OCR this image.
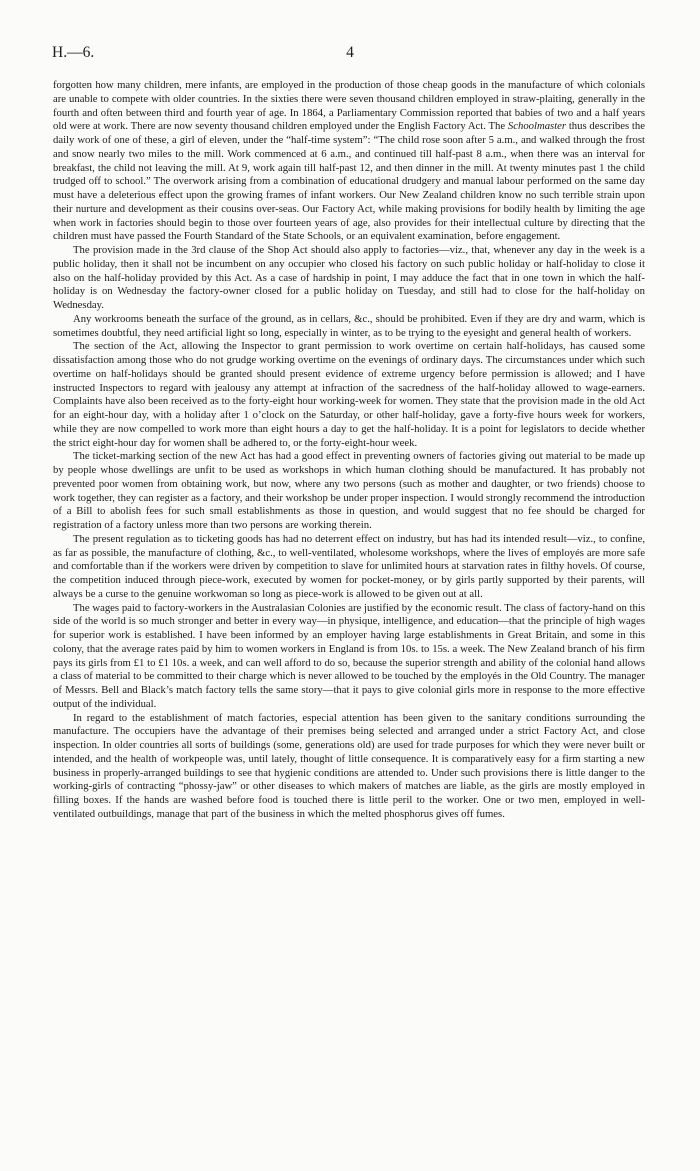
H.—6.	4

forgotten how many children, mere infants, are employed in the production of those cheap goods in the manufacture of which colonials are unable to compete with older countries. In the sixties there were seven thousand children employed in straw-plaiting, generally in the fourth and often between third and fourth year of age. In 1864, a Parliamentary Commission reported that babies of two and a half years old were at work. There are now seventy thousand children employed under the English Factory Act. The Schoolmaster thus describes the daily work of one of these, a girl of eleven, under the “half-time system”: “The child rose soon after 5 a.m., and walked through the frost and snow nearly two miles to the mill. Work commenced at 6 a.m., and continued till half-past 8 a.m., when there was an interval for breakfast, the child not leaving the mill. At 9, work again till half-past 12, and then dinner in the mill. At twenty minutes past 1 the child trudged off to school.” The overwork arising from a combination of educational drudgery and manual labour performed on the same day must have a deleterious effect upon the growing frames of infant workers. Our New Zealand children know no such terrible strain upon their nurture and development as their cousins over-seas. Our Factory Act, while making provisions for bodily health by limiting the age when work in factories should begin to those over fourteen years of age, also provides for their intellectual culture by directing that the children must have passed the Fourth Standard of the State Schools, or an equivalent examination, before engagement.

The provision made in the 3rd clause of the Shop Act should also apply to factories—viz., that, whenever any day in the week is a public holiday, then it shall not be incumbent on any occupier who closed his factory on such public holiday or half-holiday to close it also on the half-holiday provided by this Act. As a case of hardship in point, I may adduce the fact that in one town in which the half-holiday is on Wednesday the factory-owner closed for a public holiday on Tuesday, and still had to close for the half-holiday on Wednesday.

Any workrooms beneath the surface of the ground, as in cellars, &c., should be prohibited. Even if they are dry and warm, which is sometimes doubtful, they need artificial light so long, especially in winter, as to be trying to the eyesight and general health of workers.

The section of the Act, allowing the Inspector to grant permission to work overtime on certain half-holidays, has caused some dissatisfaction among those who do not grudge working overtime on the evenings of ordinary days. The circumstances under which such overtime on half-holidays should be granted should present evidence of extreme urgency before permission is allowed; and I have instructed Inspectors to regard with jealousy any attempt at infraction of the sacredness of the half-holiday allowed to wage-earners. Complaints have also been received as to the forty-eight hour working-week for women. They state that the provision made in the old Act for an eight-hour day, with a holiday after 1 o’clock on the Saturday, or other half-holiday, gave a forty-five hours week for workers, while they are now compelled to work more than eight hours a day to get the half-holiday. It is a point for legislators to decide whether the strict eight-hour day for women shall be adhered to, or the forty-eight-hour week.

The ticket-marking section of the new Act has had a good effect in preventing owners of factories giving out material to be made up by people whose dwellings are unfit to be used as workshops in which human clothing should be manufactured. It has probably not prevented poor women from obtaining work, but now, where any two persons (such as mother and daughter, or two friends) choose to work together, they can register as a factory, and their workshop be under proper inspection. I would strongly recommend the introduction of a Bill to abolish fees for such small establishments as those in question, and would suggest that no fee should be charged for registration of a factory unless more than two persons are working therein.

The present regulation as to ticketing goods has had no deterrent effect on industry, but has had its intended result—viz., to confine, as far as possible, the manufacture of clothing, &c., to well-ventilated, wholesome workshops, where the lives of employés are more safe and comfortable than if the workers were driven by competition to slave for unlimited hours at starvation rates in filthy hovels. Of course, the competition induced through piece-work, executed by women for pocket-money, or by girls partly supported by their parents, will always be a curse to the genuine workwoman so long as piece-work is allowed to be given out at all.

The wages paid to factory-workers in the Australasian Colonies are justified by the economic result. The class of factory-hand on this side of the world is so much stronger and better in every way—in physique, intelligence, and education—that the principle of high wages for superior work is established. I have been informed by an employer having large establishments in Great Britain, and some in this colony, that the average rates paid by him to women workers in England is from 10s. to 15s. a week. The New Zealand branch of his firm pays its girls from £1 to £1 10s. a week, and can well afford to do so, because the superior strength and ability of the colonial hand allows a class of material to be committed to their charge which is never allowed to be touched by the employés in the Old Country. The manager of Messrs. Bell and Black’s match factory tells the same story—that it pays to give colonial girls more in response to the more effective output of the individual.

In regard to the establishment of match factories, especial attention has been given to the sanitary conditions surrounding the manufacture. The occupiers have the advantage of their premises being selected and arranged under a strict Factory Act, and close inspection. In older countries all sorts of buildings (some, generations old) are used for trade purposes for which they were never built or intended, and the health of workpeople was, until lately, thought of little consequence. It is comparatively easy for a firm starting a new business in properly-arranged buildings to see that hygienic conditions are attended to. Under such provisions there is little danger to the working-girls of contracting “phossy-jaw” or other diseases to which makers of matches are liable, as the girls are mostly employed in filling boxes. If the hands are washed before food is touched there is little peril to the worker. One or two men, employed in well-ventilated outbuildings, manage that part of the business in which the melted phosphorus gives off fumes.
